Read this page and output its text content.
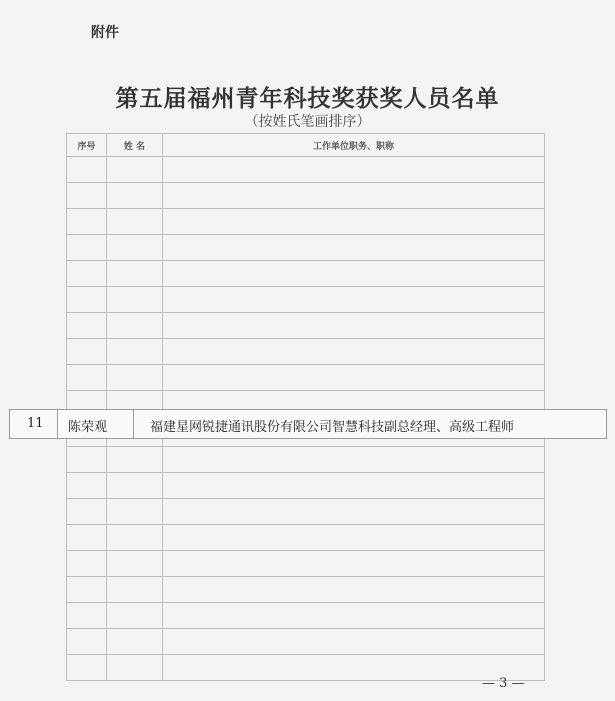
附件
第五届福州青年科技奖获奖人员名单
（按姓氏笔画排序）
序号	姓 名	工作单位职务、职称

11 陈荣观	福建星网锐捷通讯股份有限公司智慧科技副总经理、高级工程师
— 3 —
